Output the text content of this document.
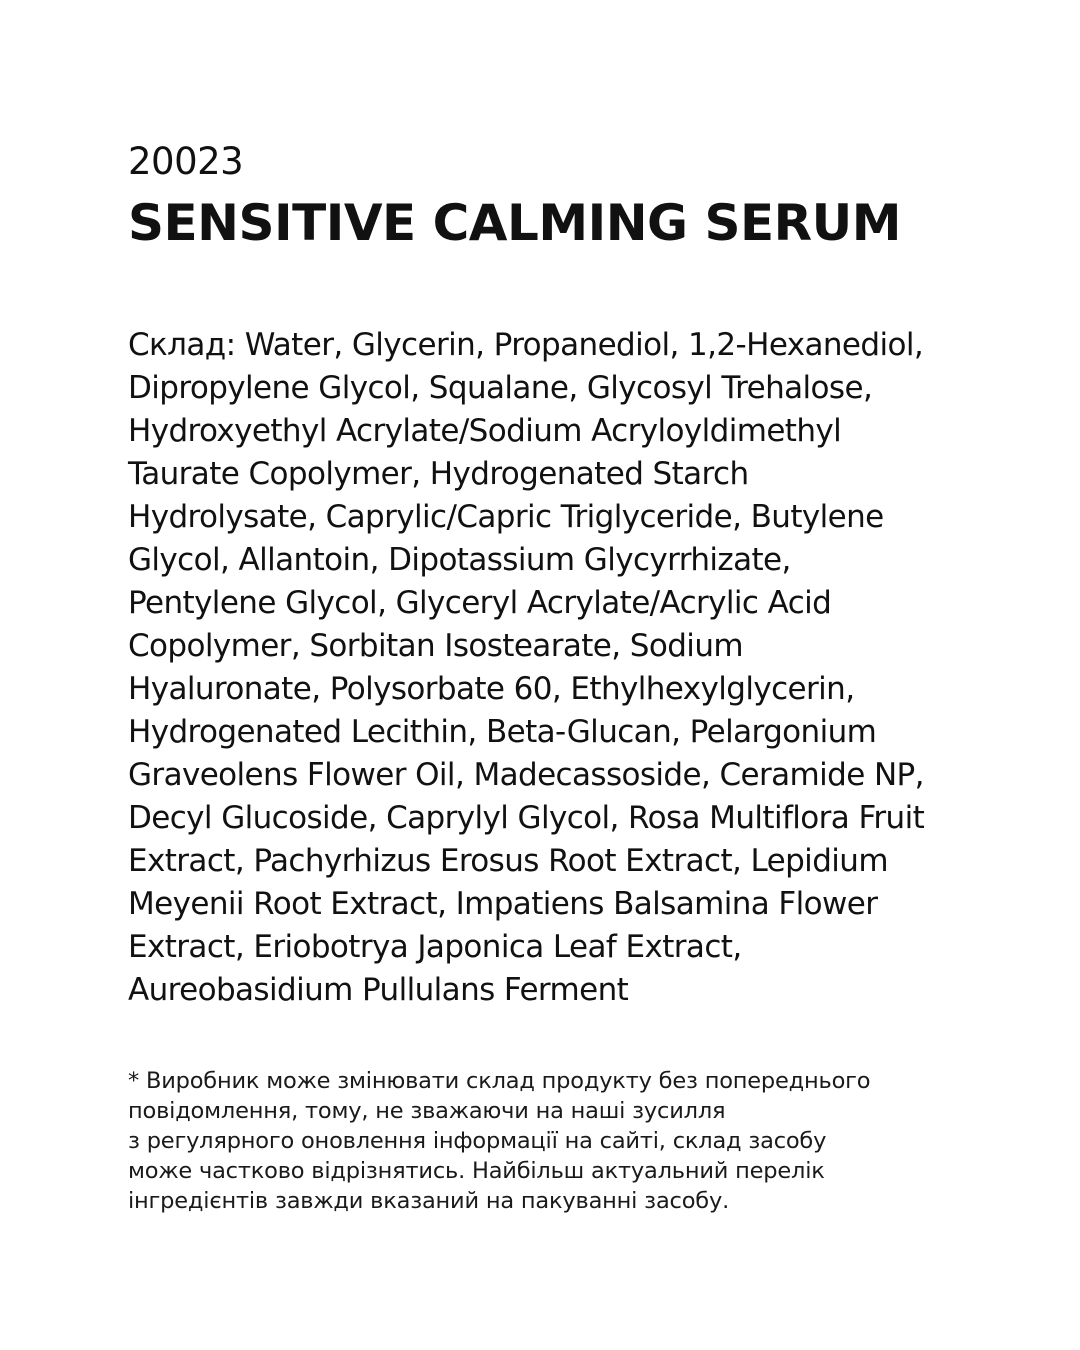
20023

SENSITIVE CALMING SERUM
Склад: Water, Glycerin, Propanediol, 1,2-Hexanediol,
Dipropylene Glycol, Squalane, Glycosyl Trehalose,
Hydroxyethyl Acrylate/Sodium Acryloyldimethyl
Taurate Copolymer, Hydrogenated Starch
Hydrolysate, Caprylic/Capric Triglyceride, Butylene
Glycol, Allantoin, Dipotassium Glycyrrhizate,
Pentylene Glycol, Glyceryl Acrylate/Acrylic Acid
Copolymer, Sorbitan Isostearate, Sodium
Hyaluronate, Polysorbate 60, Ethylhexylglycerin,
Hydrogenated Lecithin, Beta-Glucan, Pelargonium
Graveolens Flower Oil, Madecassoside, Ceramide NP,
Decyl Glucoside, Caprylyl Glycol, Rosa Multiflora Fruit
Extract, Pachyrhizus Erosus Root Extract, Lepidium
Meyenii Root Extract, Impatiens Balsamina Flower
Extract, Eriobotrya Japonica Leaf Extract,
Aureobasidium Pullulans Ferment
* Виробник може змінювати склад продукту без попереднього
повідомлення, тому, не зважаючи на наші зусилля
з регулярного оновлення інформації на сайті, склад засобу
може частково відрізнятись. Найбільш актуальний перелік
інгредієнтів завжди вказаний на пакуванні засобу.
